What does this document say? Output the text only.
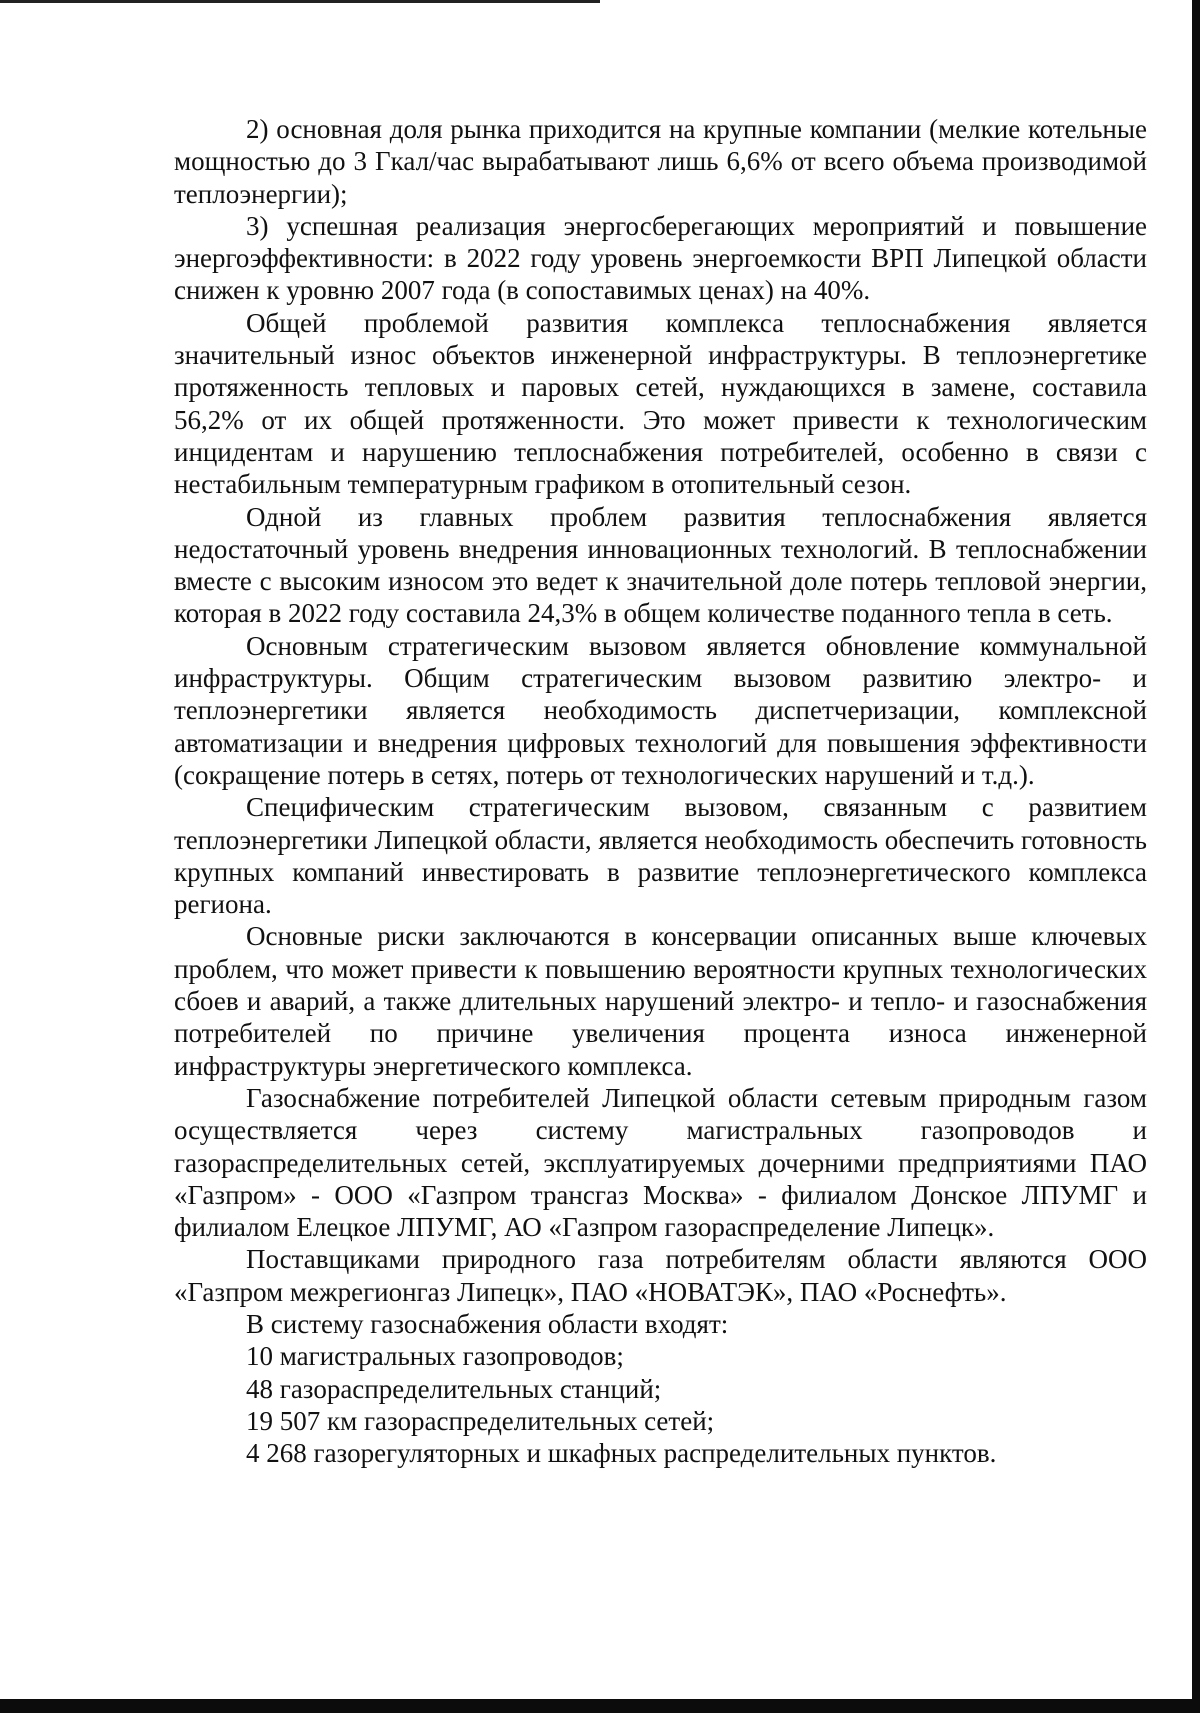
2) основная доля рынка приходится на крупные компании (мелкие котельные мощностью до 3 Гкал/час вырабатывают лишь 6,6% от всего объема производимой теплоэнергии);

3) успешная реализация энергосберегающих мероприятий и повышение энергоэффективности: в 2022 году уровень энергоемкости ВРП Липецкой области снижен к уровню 2007 года (в сопоставимых ценах) на 40%.

Общей проблемой развития комплекса теплоснабжения является значительный износ объектов инженерной инфраструктуры. В теплоэнергетике протяженность тепловых и паровых сетей, нуждающихся в замене, составила 56,2% от их общей протяженности. Это может привести к технологическим инцидентам и нарушению теплоснабжения потребителей, особенно в связи с нестабильным температурным графиком в отопительный сезон.

Одной из главных проблем развития теплоснабжения является недостаточный уровень внедрения инновационных технологий. В теплоснабжении вместе с высоким износом это ведет к значительной доле потерь тепловой энергии, которая в 2022 году составила 24,3% в общем количестве поданного тепла в сеть.

Основным стратегическим вызовом является обновление коммунальной инфраструктуры. Общим стратегическим вызовом развитию электро- и теплоэнергетики является необходимость диспетчеризации, комплексной автоматизации и внедрения цифровых технологий для повышения эффективности (сокращение потерь в сетях, потерь от технологических нарушений и т.д.).

Специфическим стратегическим вызовом, связанным с развитием теплоэнергетики Липецкой области, является необходимость обеспечить готовность крупных компаний инвестировать в развитие теплоэнергетического комплекса региона.

Основные риски заключаются в консервации описанных выше ключевых проблем, что может привести к повышению вероятности крупных технологических сбоев и аварий, а также длительных нарушений электро- и тепло- и газоснабжения потребителей по причине увеличения процента износа инженерной инфраструктуры энергетического комплекса.

Газоснабжение потребителей Липецкой области сетевым природным газом осуществляется через систему магистральных газопроводов и газораспределительных сетей, эксплуатируемых дочерними предприятиями ПАО «Газпром» - ООО «Газпром трансгаз Москва» - филиалом Донское ЛПУМГ и филиалом Елецкое ЛПУМГ, АО «Газпром газораспределение Липецк».

Поставщиками природного газа потребителям области являются ООО «Газпром межрегионгаз Липецк», ПАО «НОВАТЭК», ПАО «Роснефть».

В систему газоснабжения области входят:

10 магистральных газопроводов;

48 газораспределительных станций;

19 507 км газораспределительных сетей;

4 268 газорегуляторных и шкафных распределительных пунктов.
